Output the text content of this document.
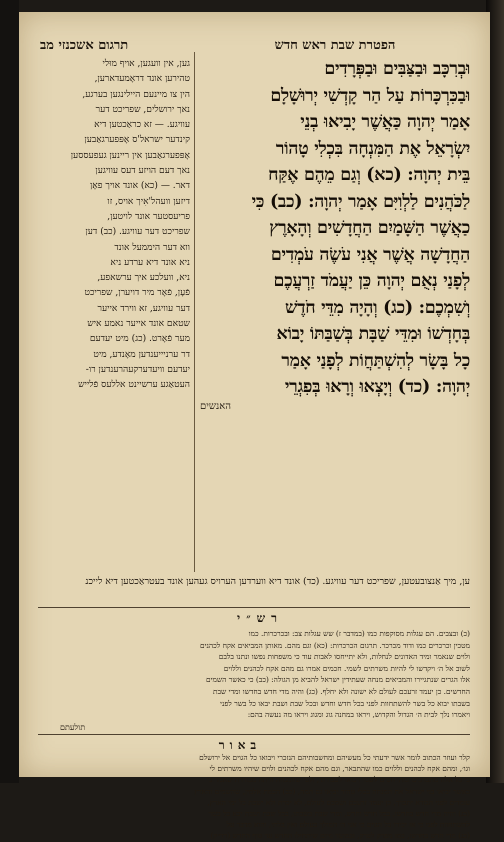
תרגום אשכנזי מב	הפטרת שבת ראש חדש
וּבְרִכָּב וּבַצַּבִּים וּבַפְּרָדִים
וּבַכִּרְכָּרוֹת עַל הַר קָדְשִׁי יְרוּשָׁלָם
אָמַר יְהוָה כַּאֲשֶׁר יָבִיאוּ בְנֵי
יִשְׂרָאֵל אֶת הַמִּנְחָה בִּכְלִי טָהוֹר
בֵּית יְהוָה: (כא) וְגַם מֵהֶם אֶקַּח
לַכֹּהֲנִים לַלְוִיִּם אָמַר יְהוָה: (כב) כִּי
כַאֲשֶׁר הַשָּׁמַיִם הַחֲדָשִׁים וְהָאָרֶץ
הַחֲדָשָׁה אֲשֶׁר אֲנִי עֹשֶׂה עֹמְדִים
לְפָנַי נְאֻם יְהוָה כֵּן יַעֲמֹד זַרְעֲכֶם
וְשִׁמְכֶם: (כג) וְהָיָה מִדֵּי חֹדֶשׁ
בְּחָדְשׁוֹ וּמִדֵּי שַׁבָּת בְּשַׁבַּתּוֹ יָבוֹא
כָל בָּשָׂר לְהִשְׁתַּחֲוֹת לְפָנַי אָמַר
יְהוָה: (כד) וְיָצְאוּ וְרָאוּ בְּפִגְרֵי
האנשים
גען, אין וועגען, אויף מוּלי
טהירען אונד דראָמעדארען,
הין צו מיינעם היילינגען בערגע,
נאך ירושלים, שפריכט דער
עוויגע. — זא כראַכטען דיא
קינדער ישראל'ס אָפּפערגאַבען
אָפּפערגאַבען אין ריינען געפעססען
נאך דעם הויזע דעס עוויגען
דאר. — (כא) אונד אויך פאָן
דיזען וועהל'אִיך אויס, זו
פריעסטער אונד לויטען,
שפריכט דער עוויגע. (כב) דען
ווא דער היממעל אונד
ניא אונד דיא ערדע ניא
ניא, וועלכע איך ערשאפע,
פֿעָן, פֿאָר מיר דויערן, שפריכט
דער עוויגע, זא ווירד אייער
שטאם אונד אייער נאמע איש
מער פֿאָרט. (כג) מיט יעדעם
דר ערניייענדען מאָנדע, מיט
יעדעם וויעדערקעהרענדען רו-
העטאַגע ערשיינט אללעס פֿלייש
ען, מיך אַנצובעטען, שפריכט דער עוויגע. (כד) אונד דיא ווערדען הערויס געהען אונד בעטראַכטען דיא לייכנ
רש״י
(כ) ובצבים. הם עגלות מסוקפות כמו (במדבר ז) שש עגלות צב: ובכרכרות. כמו
מטכין וכרכרים כמו ודוד מכרכר. תרגום הכרכרות: (כא) וגם מהם. מאותן המביאים אקח לכהנים
ולוים שנאמר ומיד האדונים לנחלות, ולא יתייחסו לאבות עוד כי משפחות נפשו ונתנו בלבם
לשוב אל ה׳ ויקדשו לי להיות משרתים לשמי. חכמים אמרו גם מהם אקח לכהנים וללוים
אלו הגרים שנתגיירו והמביאים מנחה שעתידין ישראל להביא מן הגולה: (כב) כי כאשר השמים
החדשים. כן יעמד זרעכם לעולם לא ישונה ולא יחלף. (כג) והיה מדי חדש בחדשו ומדי שבת
בשבתו יבוא כל בשר להשתחוות לפני בכל חדש וחדש ובכל שבת ושבת יבאו כל בשר לפני
ויאמרו נלך לבית ה׳ הגדול והקדוש, ויראו במחנה גוג ומגוג ויראו מה נעשה בהם:
תולעתם
באור
קלר ועוזר הכתוב לומר אשר ידעתי כל מעשיהם ומחשבותיהם הנזכרי ויבואו כל הגוים אל ירושלם
וגו׳, ומהם אקח לכהנים וללוים כמו שהתבאר, וגם מהם אקח לכהנים ולוים שיהיו משרתים לי
כי כל אלה מתברכים ומתייחסים לשמי ויבואו לעבודתי, ולפי שהמנחה היתה מבוררת שאמר כי
כאשר יביאו בני ישראל את המנחה בכלי טהור יביאו גם המה, (כב) הכמת אלמין, שהשמים והארץ
עומדים לפני הבורא יתברך, כן יעמד זרעכם ושמכם לעולם, לא יכרת ולא ישבת כל ימי הארץ,
(כג) והיה מדי חדש בחדשו, בכל חדש וחדש, ומדי שבת בשבתו, בכל שבת ושבת יבא כל בשר
להשתחוות לפני כי אז יכירו כל הגוים כי אני ה׳ המולך בעולם ואין בלתי, והוא מדבר על
(כג) מדי חדש בחדשו, כמו מפרק לפרק, ובמועד מיום שיתחילו החדש עד סוף החדש (רד״ק)
